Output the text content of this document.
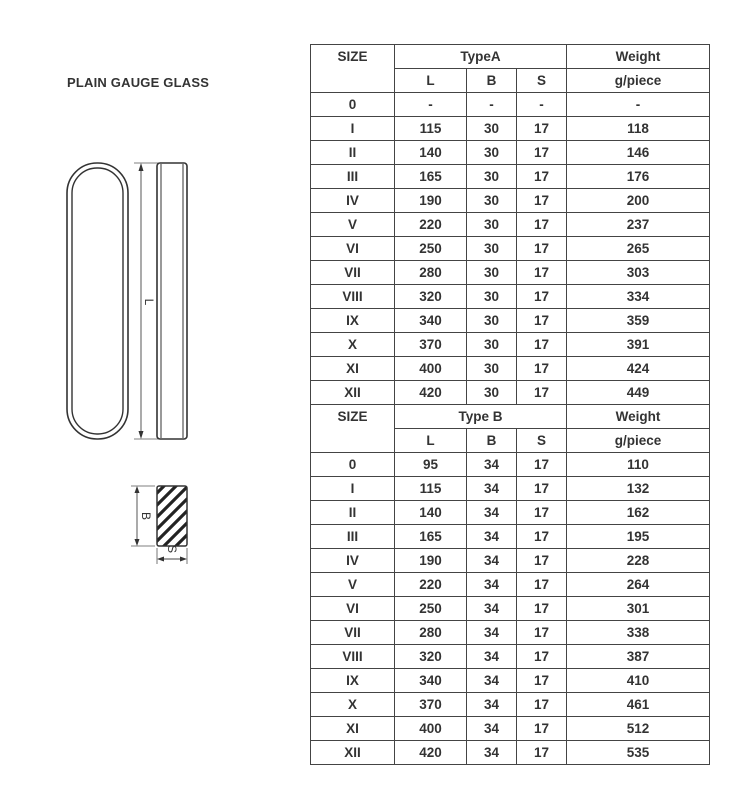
PLAIN GAUGE GLASS
L
B
S
SIZE	TypeA			Weight
	L	B	S	g/piece
0	-	-	-	-
I	115	30	17	118
II	140	30	17	146
III	165	30	17	176
IV	190	30	17	200
V	220	30	17	237
VI	250	30	17	265
VII	280	30	17	303
VIII	320	30	17	334
IX	340	30	17	359
X	370	30	17	391
XI	400	30	17	424
XII	420	30	17	449
SIZE	Type B			Weight
	L	B	S	g/piece
0	95	34	17	110
I	115	34	17	132
II	140	34	17	162
III	165	34	17	195
IV	190	34	17	228
V	220	34	17	264
VI	250	34	17	301
VII	280	34	17	338
VIII	320	34	17	387
IX	340	34	17	410
X	370	34	17	461
XI	400	34	17	512
XII	420	34	17	535
